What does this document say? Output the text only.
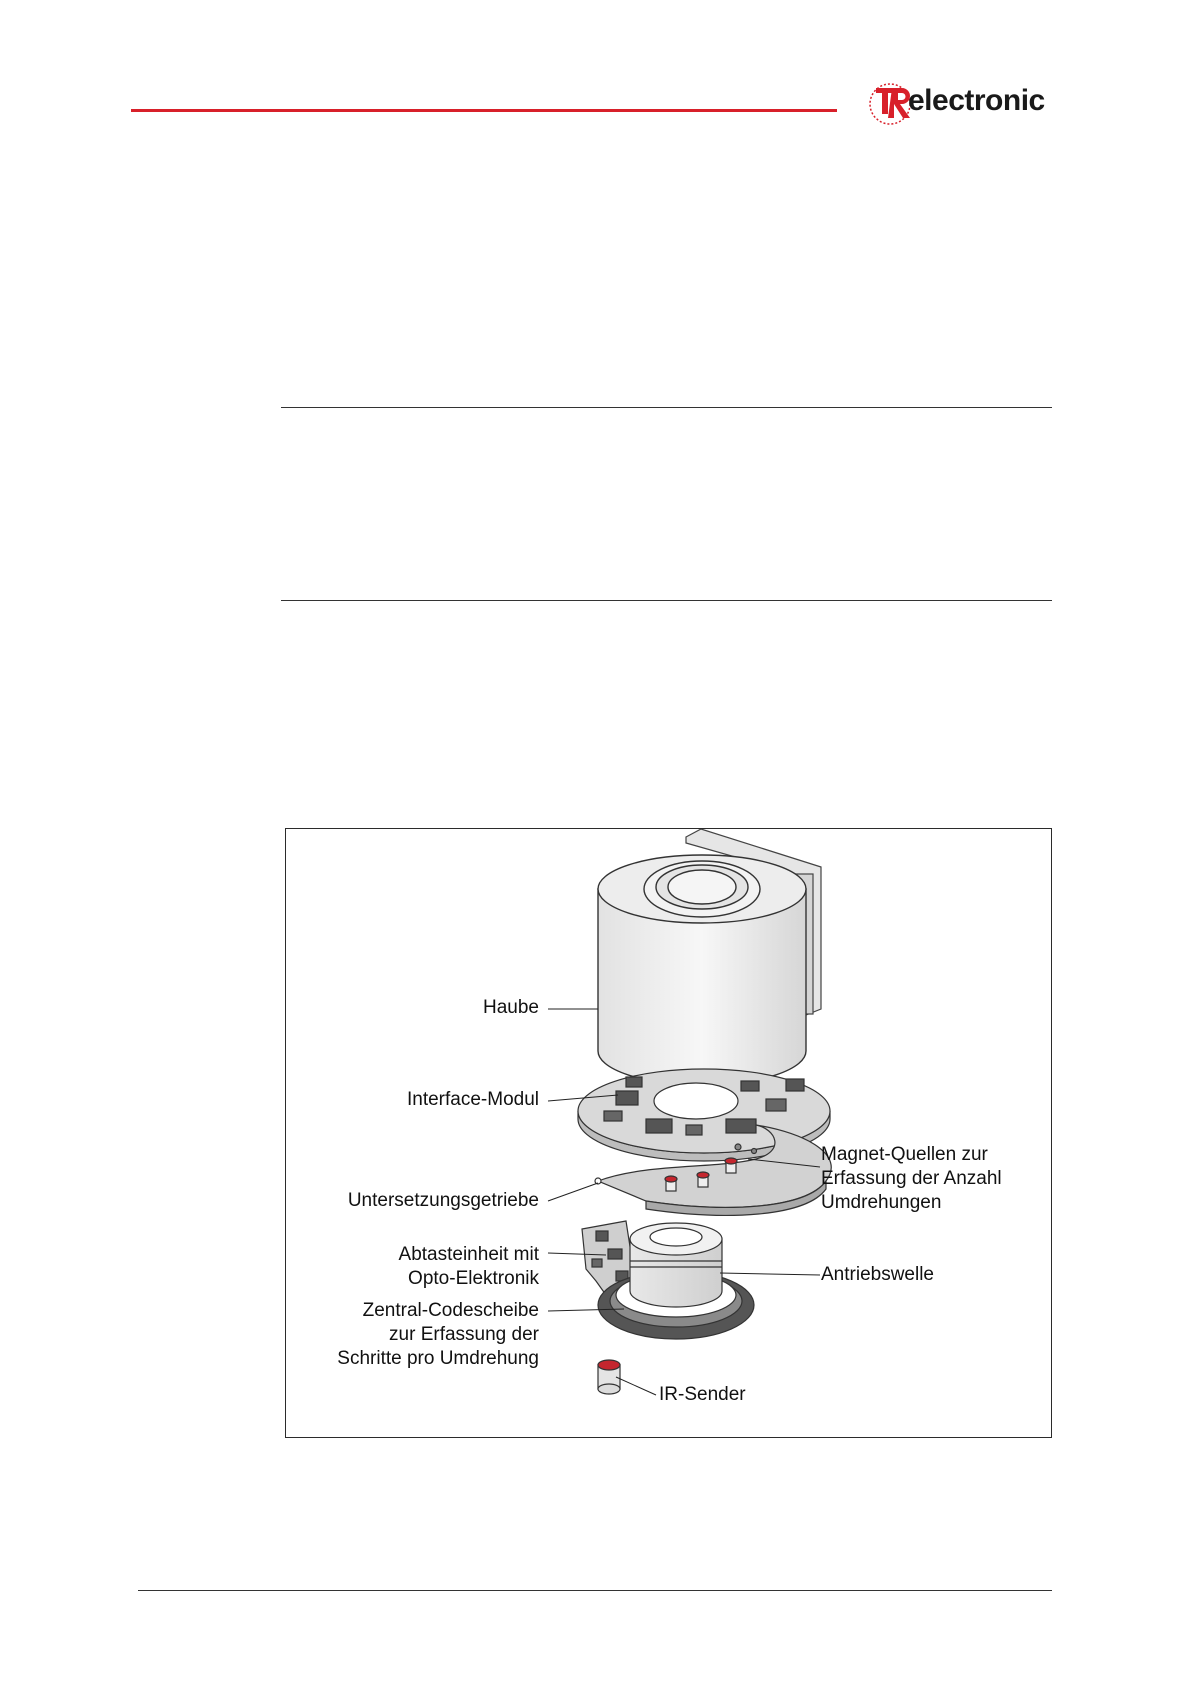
electronic
Haube
Interface-Modul
Untersetzungsgetriebe
Abtasteinheit mit
Opto-Elektronik
Zentral-Codescheibe
zur Erfassung der
Schritte pro Umdrehung
IR-Sender
Magnet-Quellen zur
Erfassung der Anzahl
Umdrehungen
Antriebswelle
